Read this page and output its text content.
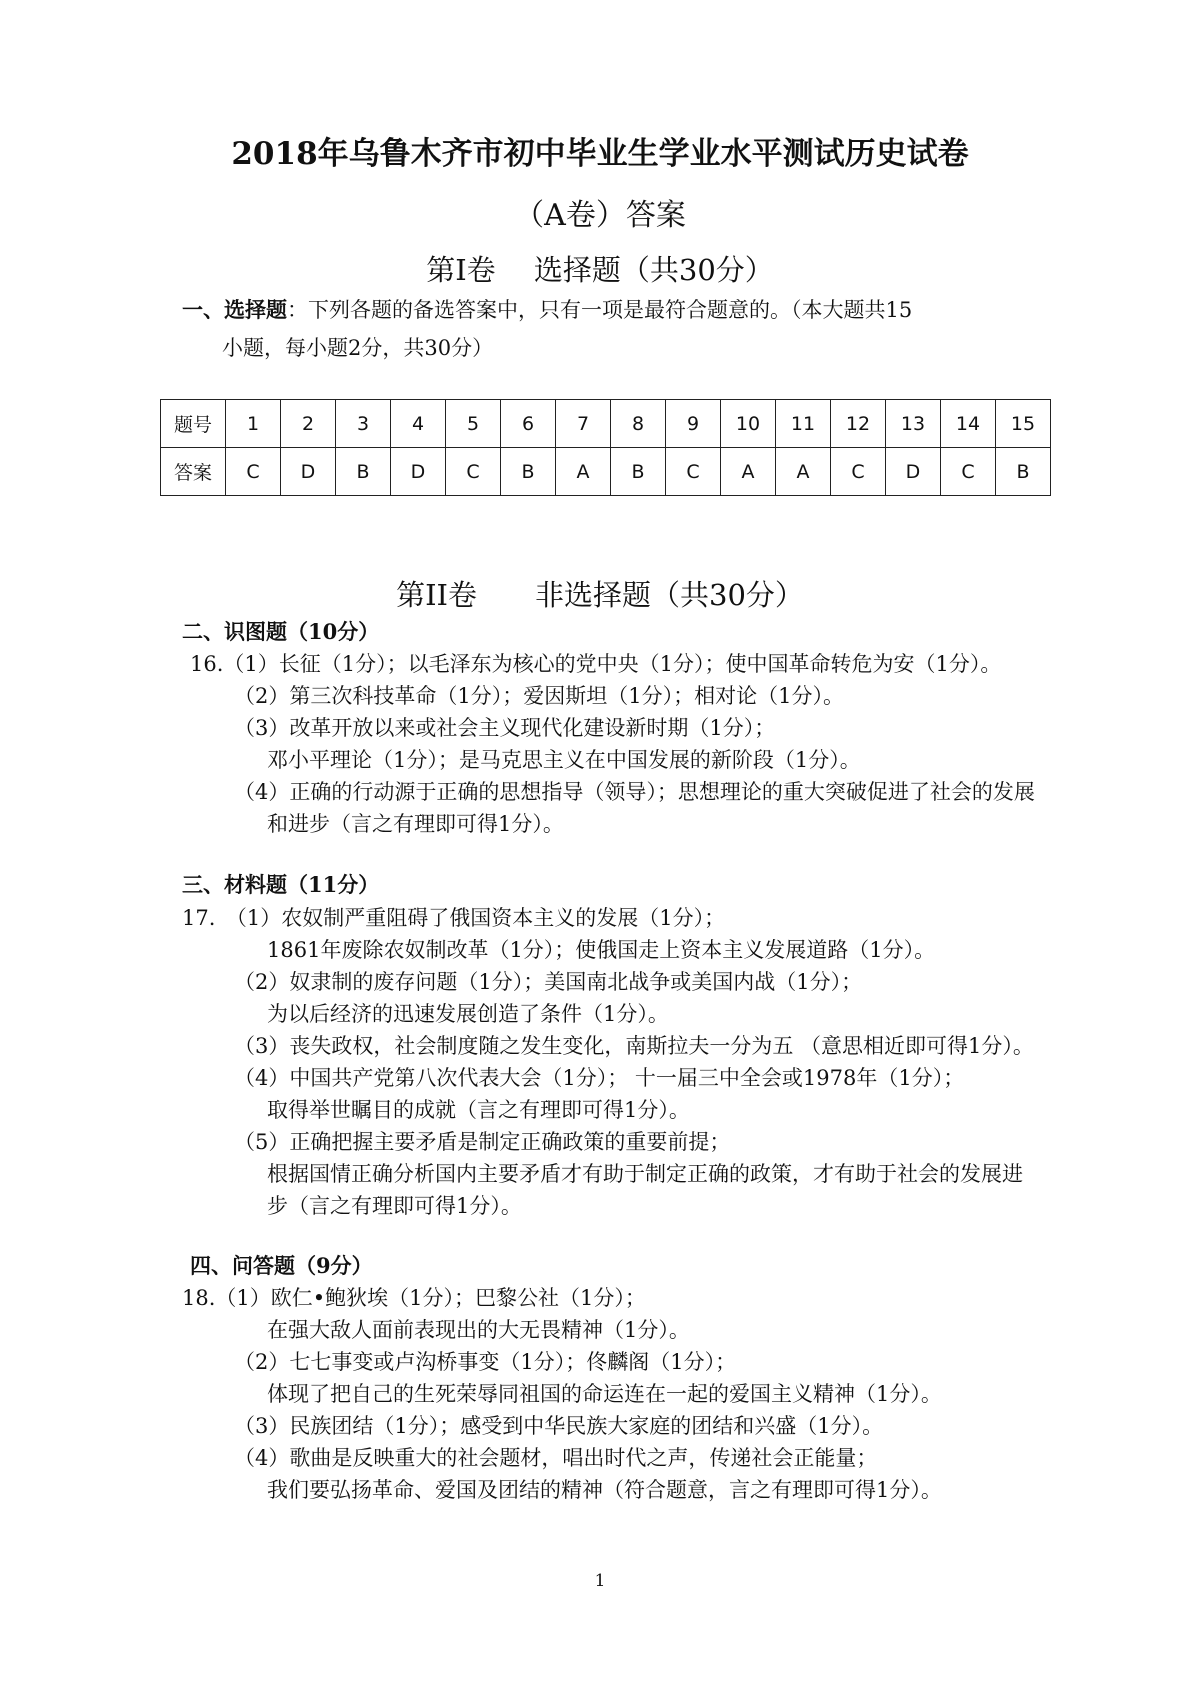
2018年乌鲁木齐市初中毕业生学业水平测试历史试卷
（A卷）答案
第Ⅰ卷　 选择题（共30分）
一、选择题：下列各题的备选答案中，只有一项是最符合题意的。（本大题共15
小题，每小题2分，共30分）
题号	1	2	3	4	5	6	7	8	9	10	11	12	13	14	15
答案	C	D	B	D	C	B	A	B	C	A	A	C	D	C	B
第II卷　　非选择题（共30分）
二、识图题（10分）
16.（1）长征（1分）；以毛泽东为核心的党中央（1分）；使中国革命转危为安（1分）。
（2）第三次科技革命（1分）；爱因斯坦（1分）；相对论（1分）。
（3）改革开放以来或社会主义现代化建设新时期（1分）；
邓小平理论（1分）；是马克思主义在中国发展的新阶段（1分）。
（4）正确的行动源于正确的思想指导（领导）；思想理论的重大突破促进了社会的发展
和进步（言之有理即可得1分）。
三、材料题（11分）
17.　（1）农奴制严重阻碍了俄国资本主义的发展（1分）；
1861年废除农奴制改革（1分）；使俄国走上资本主义发展道路（1分）。
（2）奴隶制的废存问题（1分）；美国南北战争或美国内战（1分）；
为以后经济的迅速发展创造了条件（1分）。
（3）丧失政权，社会制度随之发生变化，南斯拉夫一分为五 （意思相近即可得1分）。
（4）中国共产党第八次代表大会（1分）； 十一届三中全会或1978年（1分）；
取得举世瞩目的成就（言之有理即可得1分）。
（5）正确把握主要矛盾是制定正确政策的重要前提；
根据国情正确分析国内主要矛盾才有助于制定正确的政策，才有助于社会的发展进
步（言之有理即可得1分）。
四、问答题（9分）
18.（1）欧仁•鲍狄埃（1分）；巴黎公社（1分）；
在强大敌人面前表现出的大无畏精神（1分）。
（2）七七事变或卢沟桥事变（1分）；佟麟阁（1分）；
体现了把自己的生死荣辱同祖国的命运连在一起的爱国主义精神（1分）。
（3）民族团结（1分）；感受到中华民族大家庭的团结和兴盛（1分）。
（4）歌曲是反映重大的社会题材，唱出时代之声，传递社会正能量；
我们要弘扬革命、爱国及团结的精神（符合题意，言之有理即可得1分）。
1
